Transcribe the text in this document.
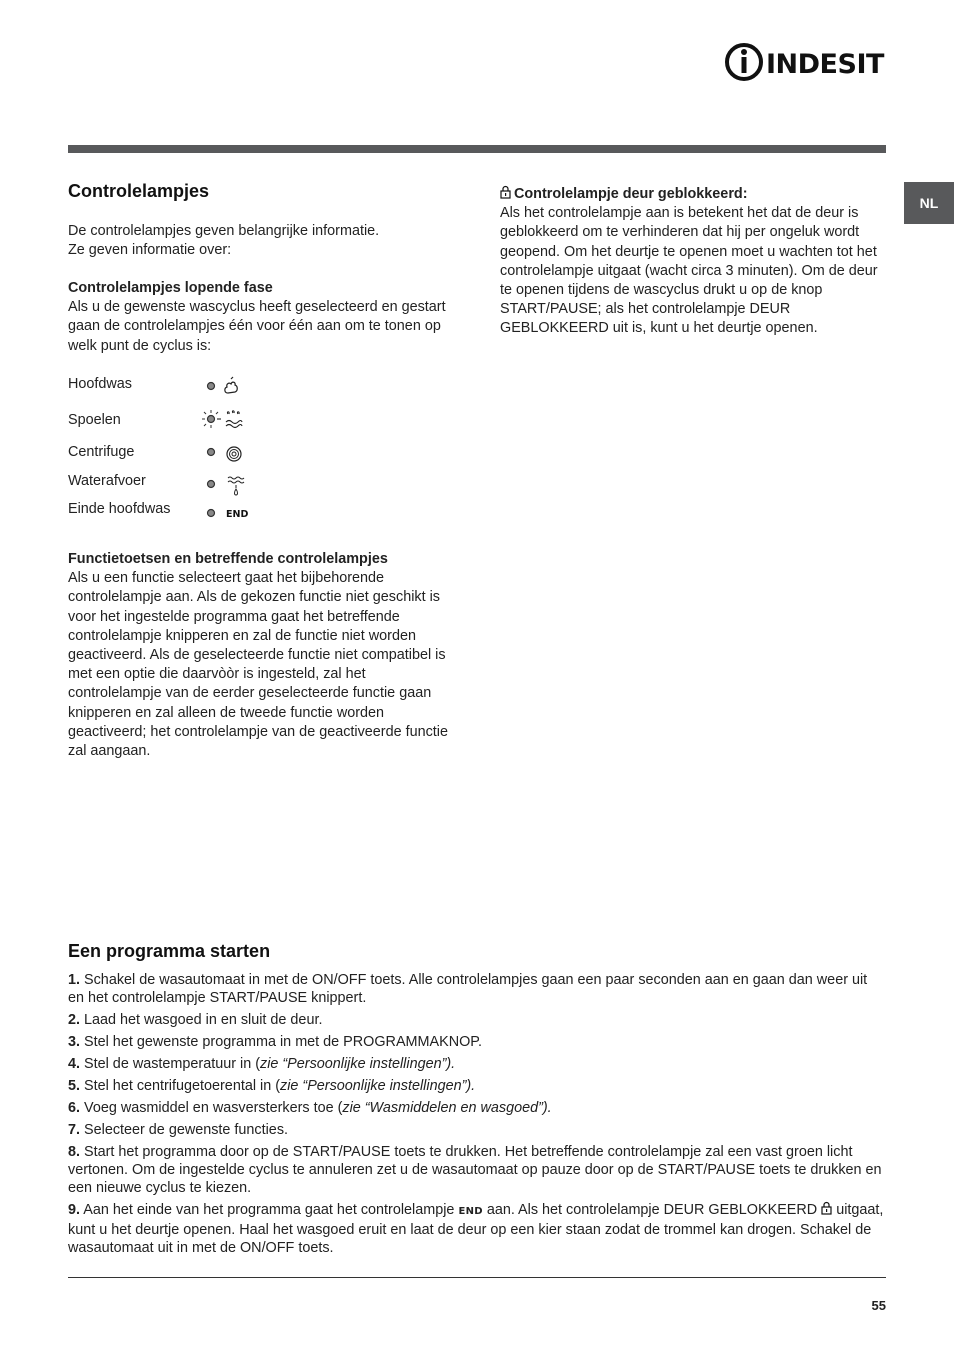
INDESIT
NL
Controlelampjes

De controlelampjes geven belangrijke informatie.
Ze geven informatie over:

Controlelampjes lopende fase
Als u de gewenste wascyclus heeft geselecteerd en gestart gaan de controlelampjes één voor één aan om te tonen op welk punt de cyclus is:
Hoofdwas
Spoelen
Centrifuge
Waterafvoer
Einde hoofdwas	END
Functietoetsen en betreffende controlelampjes
Als u een functie selecteert gaat het bijbehorende controlelampje aan. Als de gekozen functie niet geschikt is voor het ingestelde programma gaat het betreffende controlelampje knipperen en zal de functie niet worden geactiveerd. Als de geselecteerde functie niet compatibel is met een optie die daarvòòr is ingesteld, zal het controlelampje van de eerder geselecteerde functie gaan knipperen en zal alleen de tweede functie worden geactiveerd; het controlelampje van de geactiveerde functie zal aangaan.
Controlelampje deur geblokkeerd:
Als het controlelampje aan is betekent het dat de deur is geblokkeerd om te verhinderen dat hij per ongeluk wordt geopend. Om het deurtje te openen moet u wachten tot het controlelampje uitgaat (wacht circa 3 minuten). Om de deur te openen tijdens de wascyclus drukt u op de knop START/PAUSE; als het controlelampje DEUR GEBLOKKEERD uit is, kunt u het deurtje openen.
Een programma starten
1. Schakel de wasautomaat in met de ON/OFF toets. Alle controlelampjes gaan een paar seconden aan en gaan dan weer uit en het controlelampje START/PAUSE knippert.
2. Laad het wasgoed in en sluit de deur.
3. Stel het gewenste programma in met de PROGRAMMAKNOP.
4. Stel de wastemperatuur in (zie “Persoonlijke instellingen”).
5. Stel het centrifugetoerental in (zie “Persoonlijke instellingen”).
6. Voeg wasmiddel en wasversterkers toe (zie “Wasmiddelen en wasgoed”).
7. Selecteer de gewenste functies.
8. Start het programma door op de START/PAUSE toets te drukken. Het betreffende controlelampje zal een vast groen licht vertonen. Om de ingestelde cyclus te annuleren zet u de wasautomaat op pauze door op de START/PAUSE toets te drukken en een nieuwe cyclus te kiezen.
9. Aan het einde van het programma gaat het controlelampje END aan. Als het controlelampje DEUR GEBLOKKEERD uitgaat, kunt u het deurtje openen. Haal het wasgoed eruit en laat de deur op een kier staan zodat de trommel kan drogen. Schakel de wasautomaat uit in met de ON/OFF toets.
55
